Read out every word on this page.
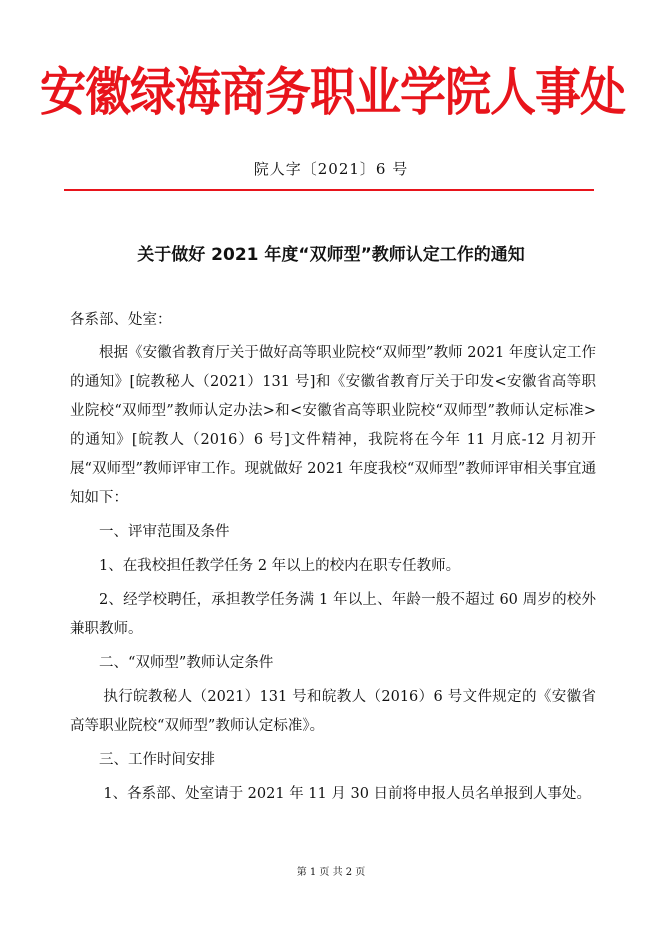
安徽绿海商务职业学院人事处
院人字〔2021〕6 号
关于做好 2021 年度“双师型”教师认定工作的通知

各系部、处室：

根据《安徽省教育厅关于做好高等职业院校“双师型”教师 2021 年度认定工作的通知》[皖教秘人（2021）131 号]和《安徽省教育厅关于印发<安徽省高等职业院校“双师型”教师认定办法>和<安徽省高等职业院校“双师型”教师认定标准>的通知》[皖教人（2016）6 号]文件精神，我院将在今年 11 月底-12 月初开展“双师型”教师评审工作。现就做好 2021 年度我校“双师型”教师评审相关事宜通知如下：

一、评审范围及条件

1、在我校担任教学任务 2 年以上的校内在职专任教师。

2、经学校聘任，承担教学任务满 1 年以上、年龄一般不超过 60 周岁的校外兼职教师。

二、“双师型”教师认定条件

执行皖教秘人（2021）131 号和皖教人（2016）6 号文件规定的《安徽省高等职业院校“双师型”教师认定标准》。

三、工作时间安排

1、各系部、处室请于 2021 年 11 月 30 日前将申报人员名单报到人事处。

第 1 页 共 2 页
